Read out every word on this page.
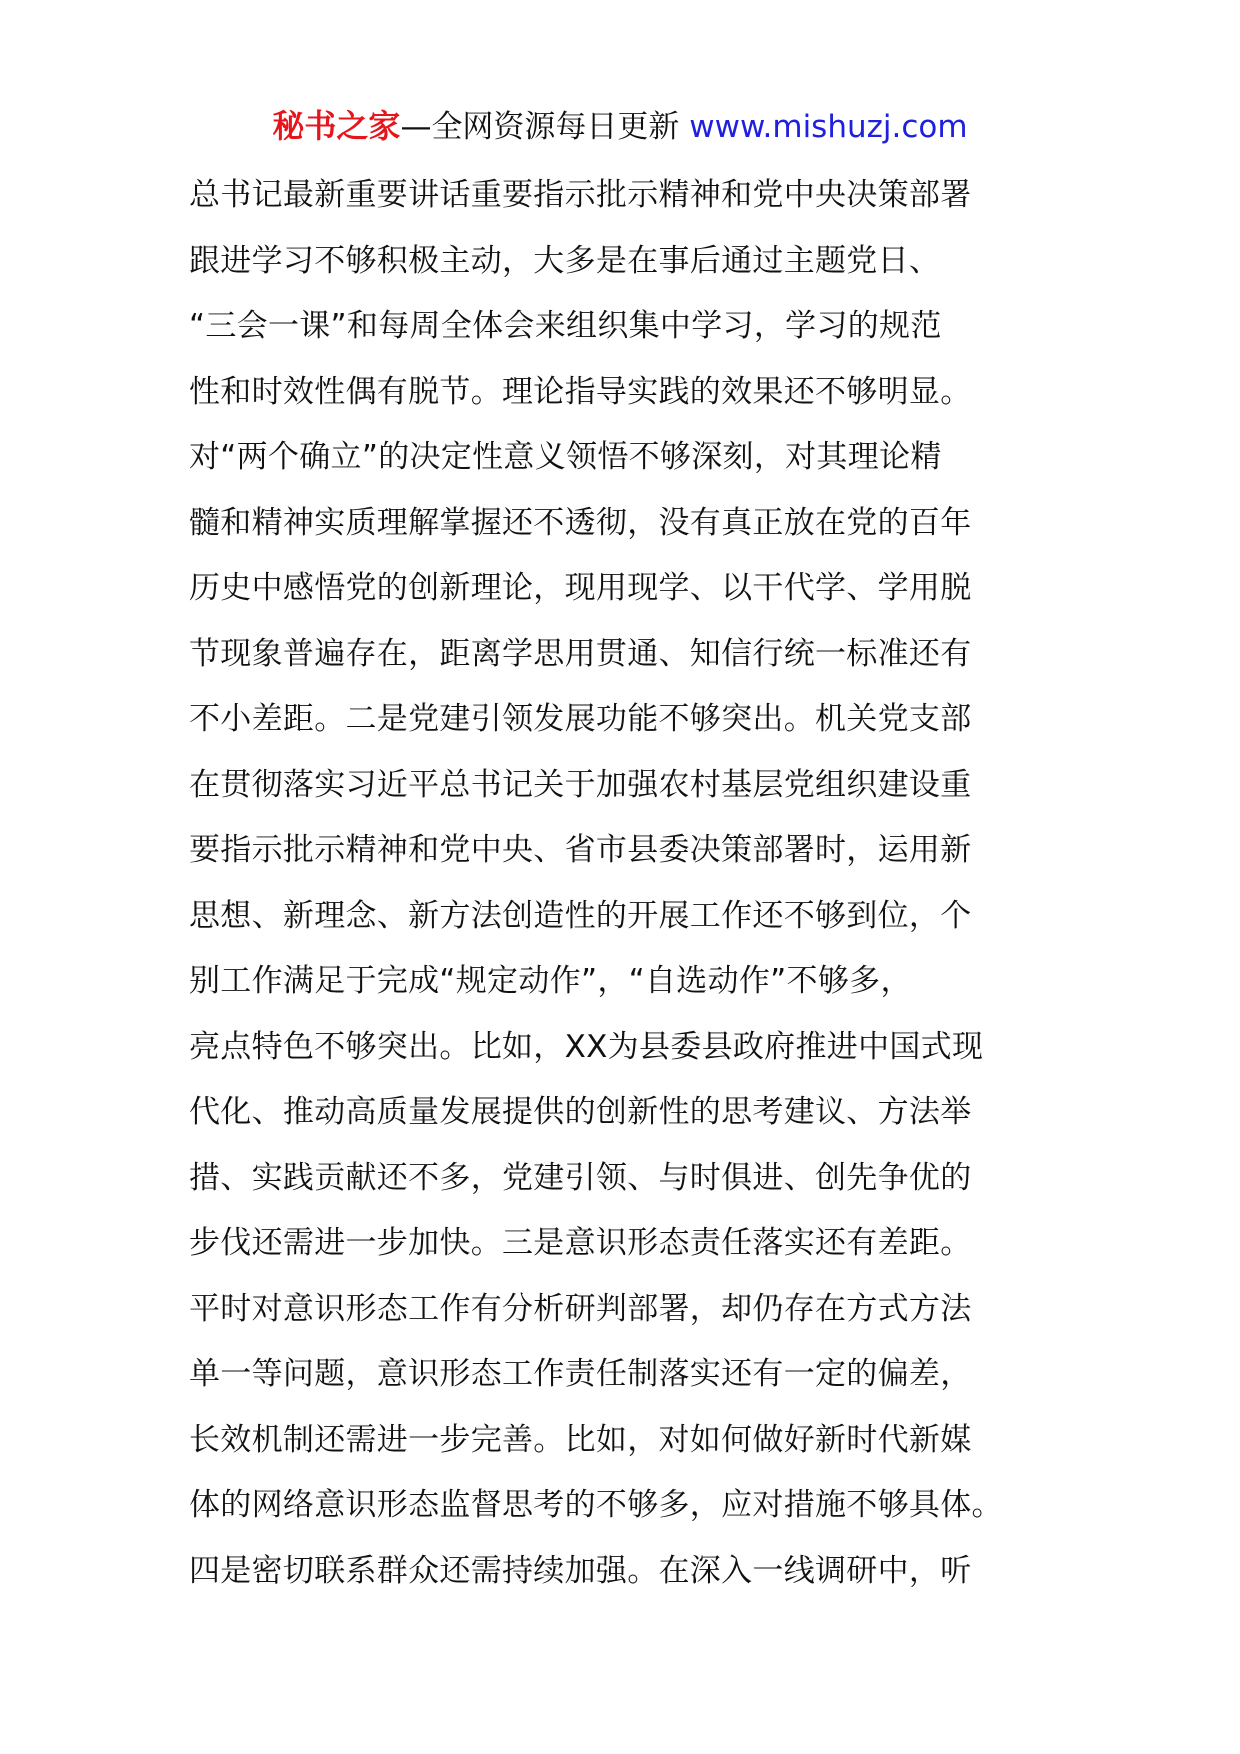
秘书之家—全网资源每日更新 www.mishuzj.com
总书记最新重要讲话重要指示批示精神和党中央决策部署
跟进学习不够积极主动，大多是在事后通过主题党日、
“三会一课”和每周全体会来组织集中学习，学习的规范
性和时效性偶有脱节。理论指导实践的效果还不够明显。
对“两个确立”的决定性意义领悟不够深刻，对其理论精
髓和精神实质理解掌握还不透彻，没有真正放在党的百年
历史中感悟党的创新理论，现用现学、以干代学、学用脱
节现象普遍存在，距离学思用贯通、知信行统一标准还有
不小差距。二是党建引领发展功能不够突出。机关党支部
在贯彻落实习近平总书记关于加强农村基层党组织建设重
要指示批示精神和党中央、省市县委决策部署时，运用新
思想、新理念、新方法创造性的开展工作还不够到位，个
别工作满足于完成“规定动作”，“自选动作”不够多，
亮点特色不够突出。比如，XX为县委县政府推进中国式现
代化、推动高质量发展提供的创新性的思考建议、方法举
措、实践贡献还不多，党建引领、与时俱进、创先争优的
步伐还需进一步加快。三是意识形态责任落实还有差距。
平时对意识形态工作有分析研判部署，却仍存在方式方法
单一等问题，意识形态工作责任制落实还有一定的偏差，
长效机制还需进一步完善。比如，对如何做好新时代新媒
体的网络意识形态监督思考的不够多，应对措施不够具体。
四是密切联系群众还需持续加强。在深入一线调研中，听
